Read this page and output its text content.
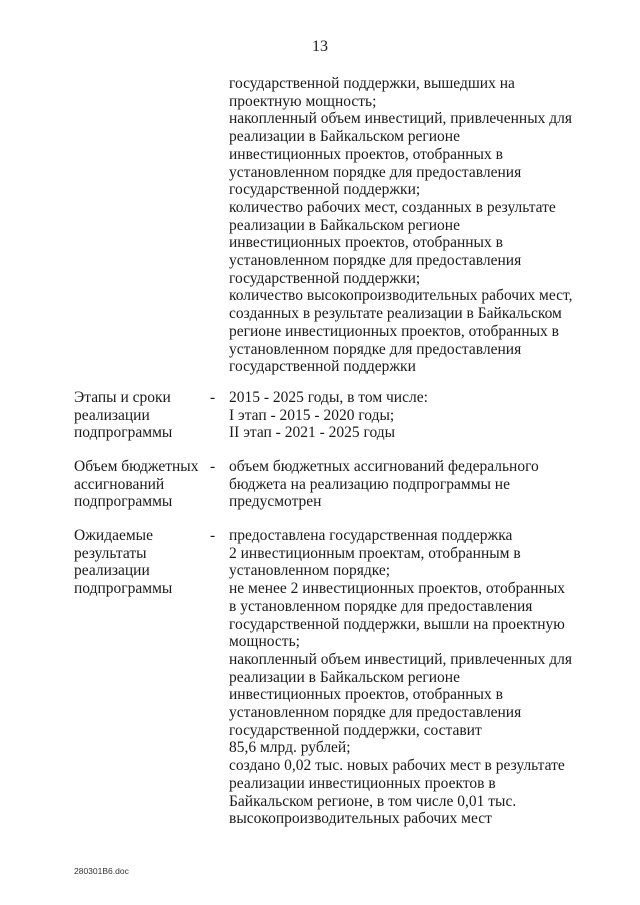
13
государственной поддержки, вышедших на
проектную мощность;
накопленный объем инвестиций, привлеченных для
реализации в Байкальском регионе
инвестиционных проектов, отобранных в
установленном порядке для предоставления
государственной поддержки;
количество рабочих мест, созданных в результате
реализации в Байкальском регионе
инвестиционных проектов, отобранных в
установленном порядке для предоставления
государственной поддержки;
количество высокопроизводительных рабочих мест,
созданных в результате реализации в Байкальском
регионе инвестиционных проектов, отобранных в
установленном порядке для предоставления
государственной поддержки
Этапы и сроки
реализации
подпрограммы
- 2015 - 2025 годы, в том числе:
I этап - 2015 - 2020 годы;
II этап - 2021 - 2025 годы
Объем бюджетных
ассигнований
подпрограммы
- объем бюджетных ассигнований федерального
бюджета на реализацию подпрограммы не
предусмотрен
Ожидаемые
результаты
реализации
подпрограммы
- предоставлена государственная поддержка
2 инвестиционным проектам, отобранным в
установленном порядке;
не менее 2 инвестиционных проектов, отобранных
в установленном порядке для предоставления
государственной поддержки, вышли на проектную
мощность;
накопленный объем инвестиций, привлеченных для
реализации в Байкальском регионе
инвестиционных проектов, отобранных в
установленном порядке для предоставления
государственной поддержки, составит
85,6 млрд. рублей;
создано 0,02 тыс. новых рабочих мест в результате
реализации инвестиционных проектов в
Байкальском регионе, в том числе 0,01 тыс.
высокопроизводительных рабочих мест
280301B6.doc
